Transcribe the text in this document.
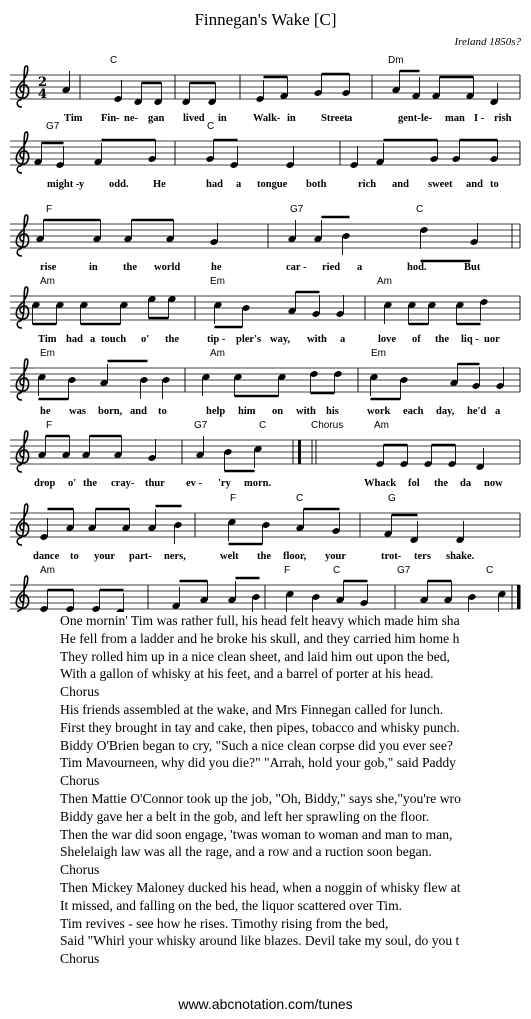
Finnegan's Wake [C]
Ireland 1850s?
2
4
C	Dm
Tim Fin- ne- gan lived in Walk- in Street a	gent- le- man I - rish
G7	C
might - y odd. He	had a tongue both	rich and sweet and to
F	G7	C
rise	in the world	he	car - ried a	hod.	But
Am	Em	Am
Tim had a touch o' the	tip - pler's way, with a	love of the liq - uor
Em	Am	Em
he was born, and to	help him on with his	work each day, he'd a
F	G7	C	Chorus	Am
drop o' the cray- thur ev - 'ry morn.	Whack fol the da now
F	C	G
dance to your part- ners,	welt the floor, your	trot- ters shake.
Am	F	C	G7	C
One mornin' Tim was rather full, his head felt heavy which made him sha
He fell from a ladder and he broke his skull, and they carried him home h
They rolled him up in a nice clean sheet, and laid him out upon the bed,
With a gallon of whisky at his feet, and a barrel of porter at his head.
Chorus
His friends assembled at the wake, and Mrs Finnegan called for lunch.
First they brought in tay and cake, then pipes, tobacco and whisky punch.
Biddy O'Brien began to cry, "Such a nice clean corpse did you ever see?
Tim Mavourneen, why did you die?" "Arrah, hold your gob," said Paddy
Chorus
Then Mattie O'Connor took up the job, "Oh, Biddy," says she,"you're wro
Biddy gave her a belt in the gob, and left her sprawling on the floor.
Then the war did soon engage, 'twas woman to woman and man to man,
Shelelaigh law was all the rage, and a row and a ruction soon began.
Chorus
Then Mickey Maloney ducked his head, when a noggin of whisky flew at
It missed, and falling on the bed, the liquor scattered over Tim.
Tim revives - see how he rises. Timothy rising from the bed,
Said "Whirl your whisky around like blazes. Devil take my soul, do you t
Chorus
www.abcnotation.com/tunes
